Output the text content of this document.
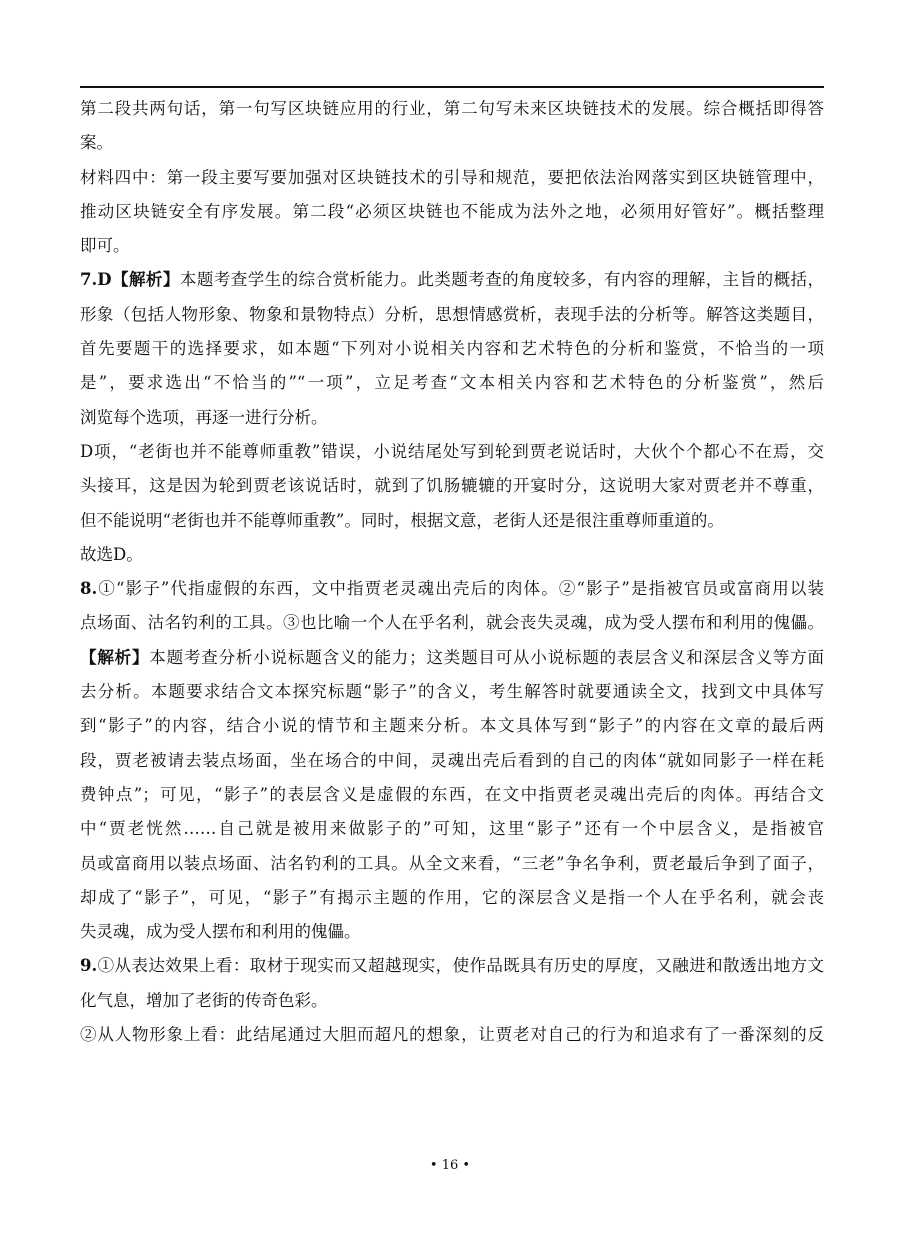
第二段共两句话，第一句写区块链应用的行业，第二句写未来区块链技术的发展。综合概括即得答
案。
材料四中：第一段主要写要加强对区块链技术的引导和规范，要把依法治网落实到区块链管理中，
推动区块链安全有序发展。第二段“必须区块链也不能成为法外之地，必须用好管好”。概括整理
即可。
7.D【解析】本题考查学生的综合赏析能力。此类题考查的角度较多，有内容的理解，主旨的概括，
形象（包括人物形象、物象和景物特点）分析，思想情感赏析，表现手法的分析等。解答这类题目，
首先要题干的选择要求，如本题“下列对小说相关内容和艺术特色的分析和鉴赏，不恰当的一项
是”，要求选出“不恰当的”“一项”，立足考查“文本相关内容和艺术特色的分析鉴赏”，然后
浏览每个选项，再逐一进行分析。
D项，“老街也并不能尊师重教”错误，小说结尾处写到轮到贾老说话时，大伙个个都心不在焉，交
头接耳，这是因为轮到贾老该说话时，就到了饥肠辘辘的开宴时分，这说明大家对贾老并不尊重，
但不能说明“老街也并不能尊师重教”。同时，根据文意，老街人还是很注重尊师重道的。
故选D。
8.①“影子”代指虚假的东西，文中指贾老灵魂出壳后的肉体。②“影子”是指被官员或富商用以装
点场面、沽名钓利的工具。③也比喻一个人在乎名利，就会丧失灵魂，成为受人摆布和利用的傀儡。
【解析】本题考查分析小说标题含义的能力；这类题目可从小说标题的表层含义和深层含义等方面
去分析。本题要求结合文本探究标题“影子”的含义，考生解答时就要通读全文，找到文中具体写
到“影子”的内容，结合小说的情节和主题来分析。本文具体写到“影子”的内容在文章的最后两
段，贾老被请去装点场面，坐在场合的中间，灵魂出壳后看到的自己的肉体“就如同影子一样在耗
费钟点”；可见，“影子”的表层含义是虚假的东西，在文中指贾老灵魂出壳后的肉体。再结合文
中“贾老恍然……自己就是被用来做影子的”可知，这里“影子”还有一个中层含义，是指被官
员或富商用以装点场面、沽名钓利的工具。从全文来看，“三老”争名争利，贾老最后争到了面子，
却成了“影子”，可见，“影子”有揭示主题的作用，它的深层含义是指一个人在乎名利，就会丧
失灵魂，成为受人摆布和利用的傀儡。
9.①从表达效果上看：取材于现实而又超越现实，使作品既具有历史的厚度，又融进和散透出地方文
化气息，增加了老街的传奇色彩。
②从人物形象上看：此结尾通过大胆而超凡的想象，让贾老对自己的行为和追求有了一番深刻的反
• 16 •
